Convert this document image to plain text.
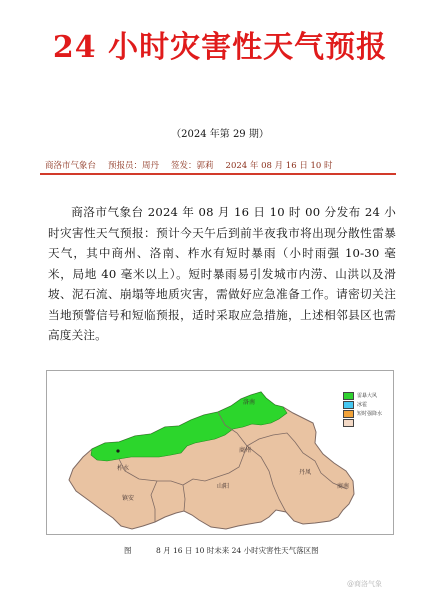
24 小时灾害性天气预报
（2024 年第 29 期）
商洛市气象台 预报员：周丹 签发：郭莉 2024 年 08 月 16 日 10 时
商洛市气象台 2024 年 08 月 16 日 10 时 00 分发布 24 小时灾害性天气预报：预计今天午后到前半夜我市将出现分散性雷暴天气，其中商州、洛南、柞水有短时暴雨（小时雨强 10-30 毫米，局地 40 毫米以上）。短时暴雨易引发城市内涝、山洪以及滑坡、泥石流、崩塌等地质灾害，需做好应急准备工作。请密切关注当地预警信号和短临预报，适时采取应急措施，上述相邻县区也需高度关注。
雷暴大风
冰雹
短时强降水
洛南
商州
丹凤
柞水
山阳
镇安
商南
图	8 月 16 日 10 时未来 24 小时灾害性天气落区图
@商洛气象
